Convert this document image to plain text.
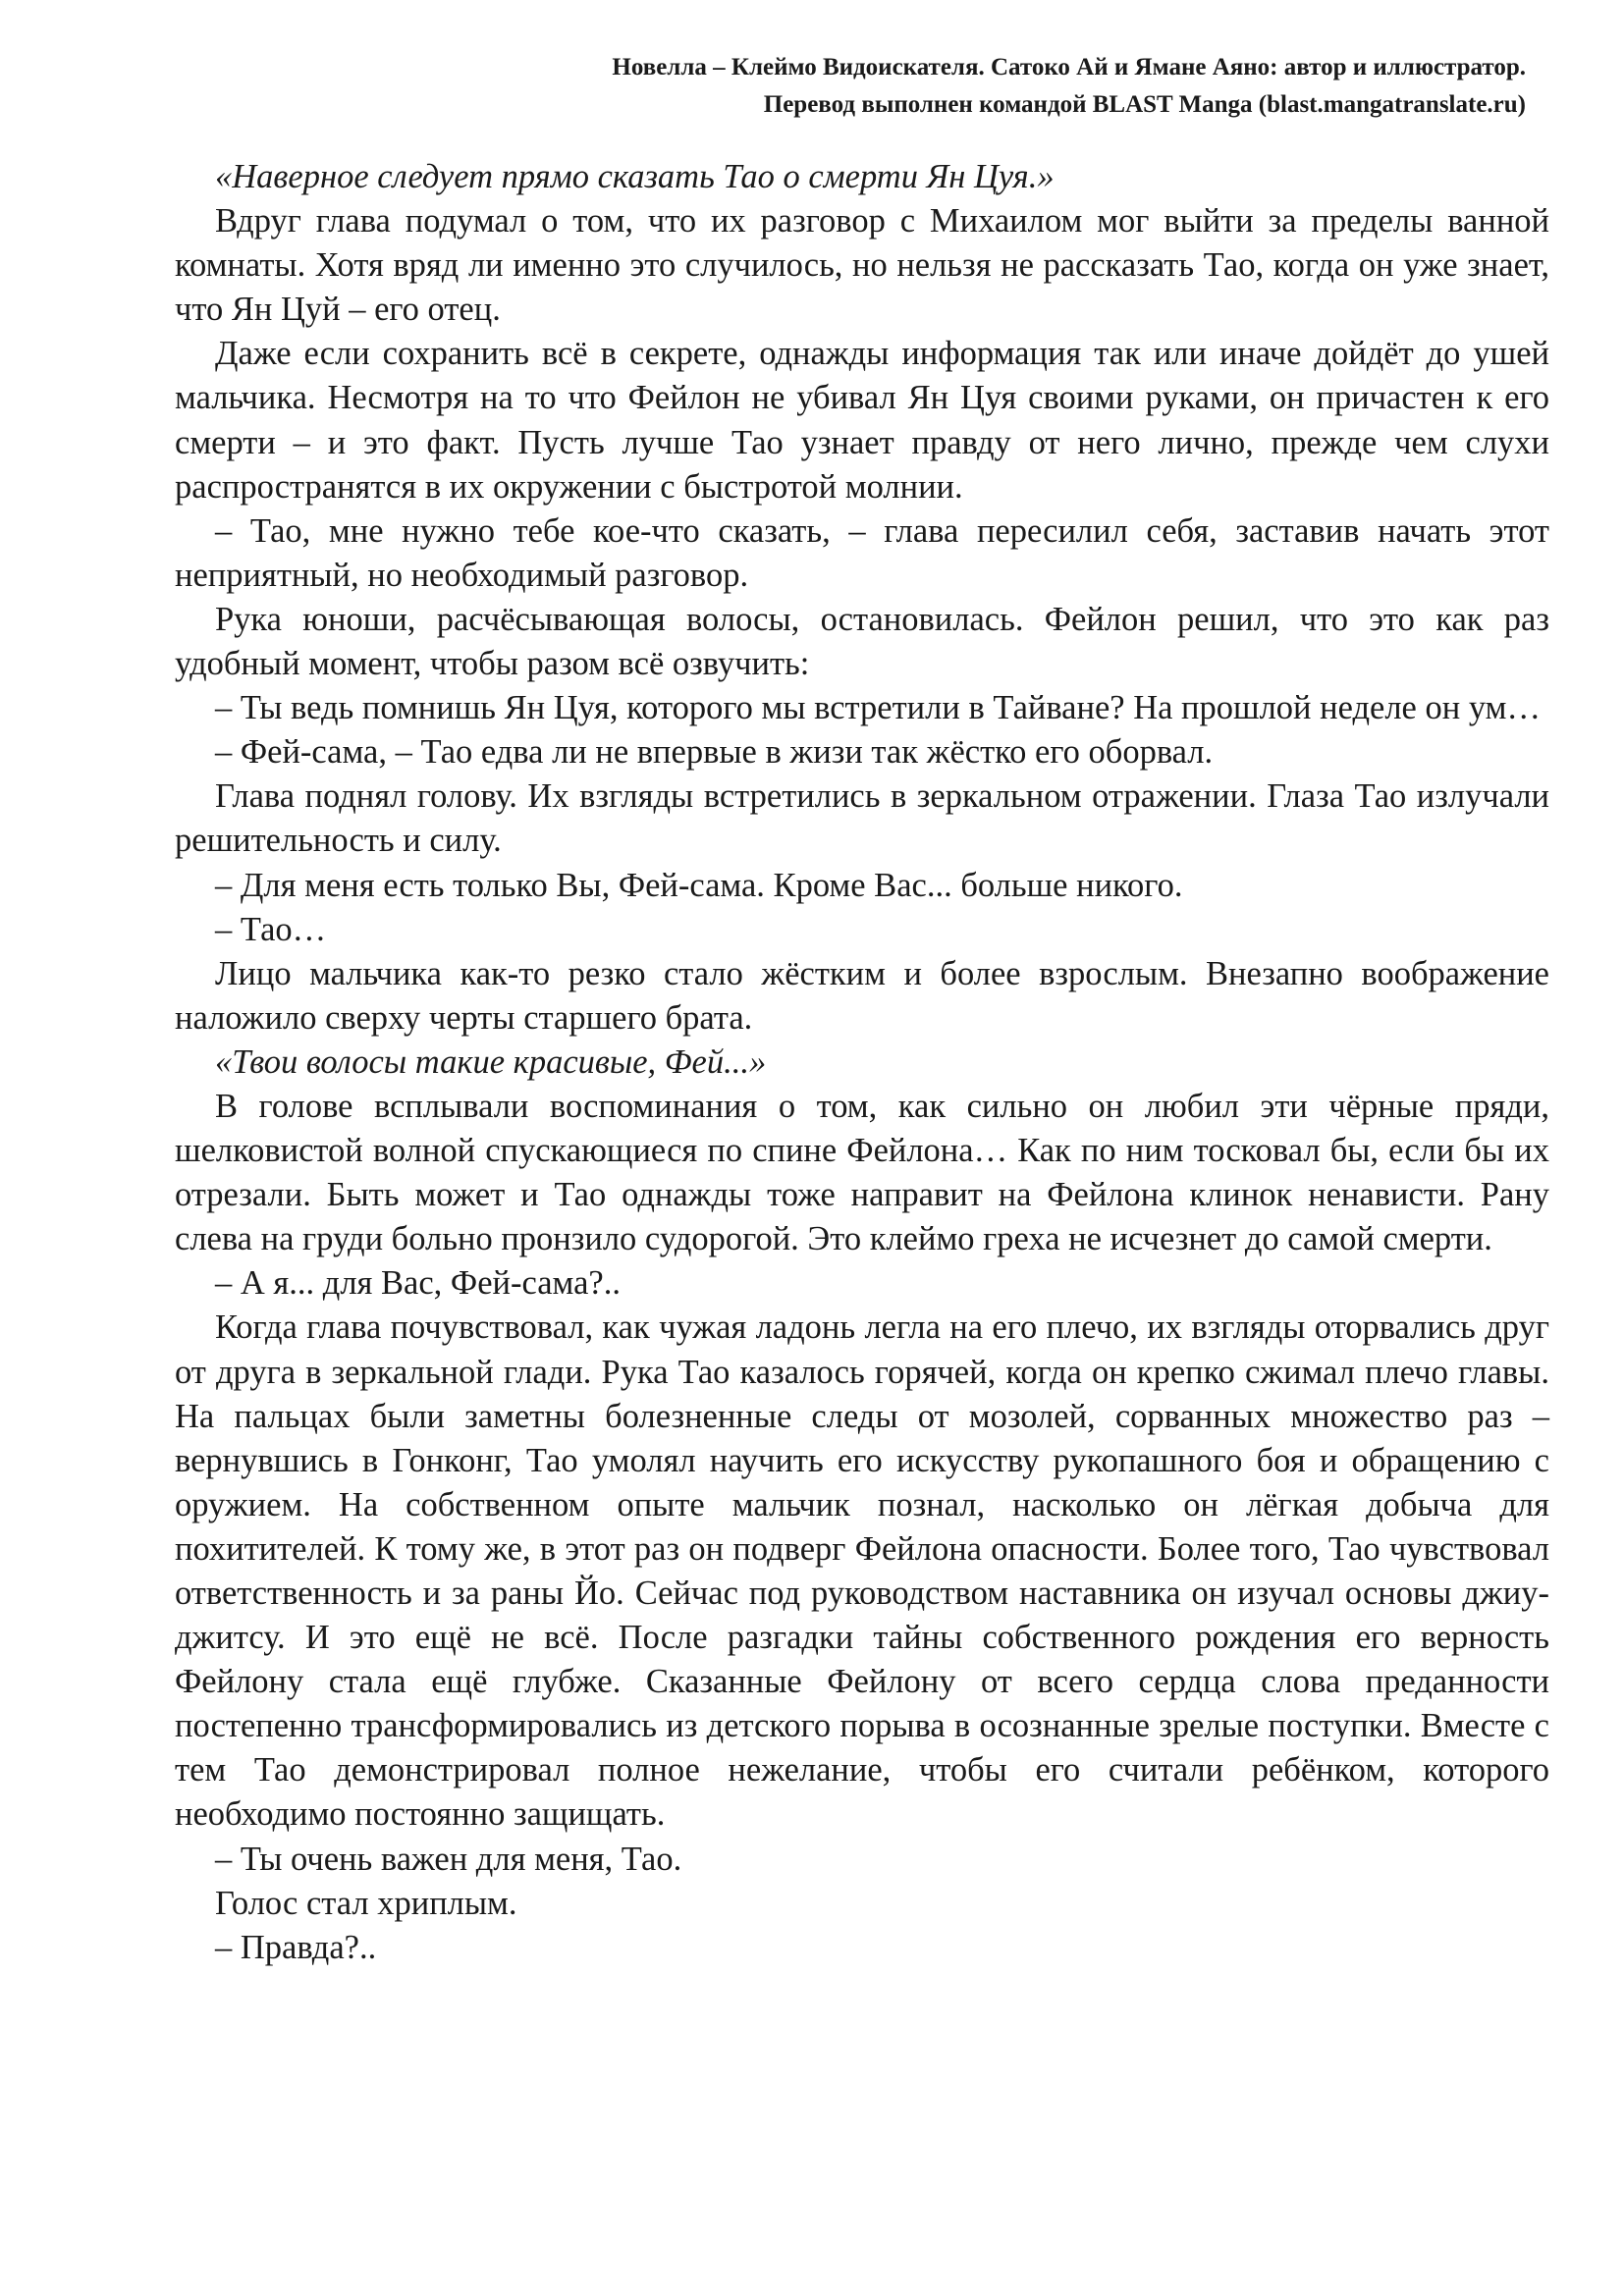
Новелла – Клеймо Видоискателя. Сатоко Ай и Ямане Аяно: автор и иллюстратор.
Перевод выполнен командой BLAST Manga (blast.mangatranslate.ru)

«Наверное следует прямо сказать Тао о смерти Ян Цуя.»

Вдруг глава подумал о том, что их разговор с Михаилом мог выйти за пределы ванной комнаты. Хотя вряд ли именно это случилось, но нельзя не рассказать Тао, когда он уже знает, что Ян Цуй – его отец.

Даже если сохранить всё в секрете, однажды информация так или иначе дойдёт до ушей мальчика. Несмотря на то что Фейлон не убивал Ян Цуя своими руками, он причастен к его смерти – и это факт. Пусть лучше Тао узнает правду от него лично, прежде чем слухи распространятся в их окружении с быстротой молнии.

– Тао, мне нужно тебе кое-что сказать, – глава пересилил себя, заставив начать этот неприятный, но необходимый разговор.

Рука юноши, расчёсывающая волосы, остановилась. Фейлон решил, что это как раз удобный момент, чтобы разом всё озвучить:

– Ты ведь помнишь Ян Цуя, которого мы встретили в Тайване? На прошлой неделе он ум…

– Фей-сама, – Тао едва ли не впервые в жизи так жёстко его оборвал.

Глава поднял голову. Их взгляды встретились в зеркальном отражении. Глаза Тао излучали решительность и силу.

– Для меня есть только Вы, Фей-сама. Кроме Вас... больше никого.

– Тао…

Лицо мальчика как-то резко стало жёстким и более взрослым. Внезапно воображение наложило сверху черты старшего брата.

«Твои волосы такие красивые, Фей...»

В голове всплывали воспоминания о том, как сильно он любил эти чёрные пряди, шелковистой волной спускающиеся по спине Фейлона… Как по ним тосковал бы, если бы их отрезали. Быть может и Тао однажды тоже направит на Фейлона клинок ненависти. Рану слева на груди больно пронзило судорогой. Это клеймо греха не исчезнет до самой смерти.

– А я... для Вас, Фей-сама?..

Когда глава почувствовал, как чужая ладонь легла на его плечо, их взгляды оторвались друг от друга в зеркальной глади. Рука Тао казалось горячей, когда он крепко сжимал плечо главы. На пальцах были заметны болезненные следы от мозолей, сорванных множество раз – вернувшись в Гонконг, Тао умолял научить его искусству рукопашного боя и обращению с оружием. На собственном опыте мальчик познал, насколько он лёгкая добыча для похитителей. К тому же, в этот раз он подверг Фейлона опасности. Более того, Тао чувствовал ответственность и за раны Йо. Сейчас под руководством наставника он изучал основы джиу-джитсу. И это ещё не всё. После разгадки тайны собственного рождения его верность Фейлону стала ещё глубже. Сказанные Фейлону от всего сердца слова преданности постепенно трансформировались из детского порыва в осознанные зрелые поступки. Вместе с тем Тао демонстрировал полное нежелание, чтобы его считали ребёнком, которого необходимо постоянно защищать.

– Ты очень важен для меня, Тао.

Голос стал хриплым.

– Правда?..
